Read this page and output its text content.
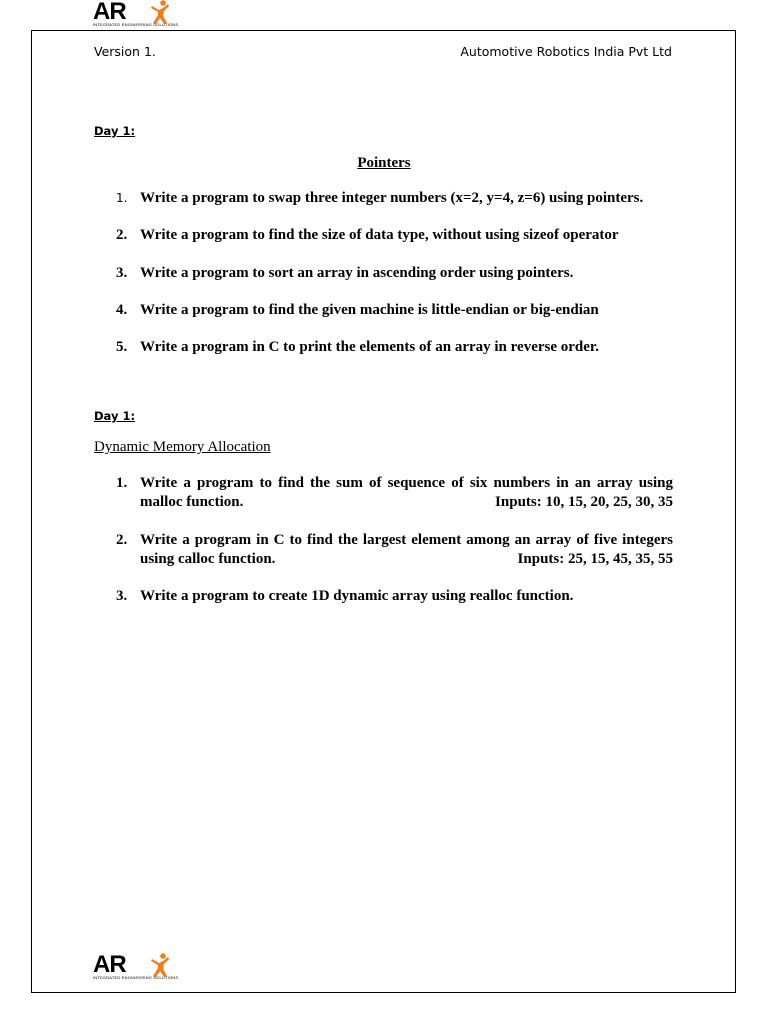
AR
INTEGRATED ENGINEERING SOLUTIONS
Version 1.	Automotive Robotics India Pvt Ltd
Day 1:
Pointers
1. Write a program to swap three integer numbers (x=2, y=4, z=6) using pointers.
2. Write a program to find the size of data type, without using sizeof operator
3. Write a program to sort an array in ascending order using pointers.
4. Write a program to find the given machine is little-endian or big-endian
5. Write a program in C to print the elements of an array in reverse order.
Day 1:
Dynamic Memory Allocation
1. Write a program to find the sum of sequence of six numbers in an array using
malloc function.	Inputs: 10, 15, 20, 25, 30, 35
2. Write a program in C to find the largest element among an array of five integers
using calloc function.	Inputs: 25, 15, 45, 35, 55
3. Write a program to create 1D dynamic array using realloc function.
AR
INTEGRATED ENGINEERING SOLUTIONS
